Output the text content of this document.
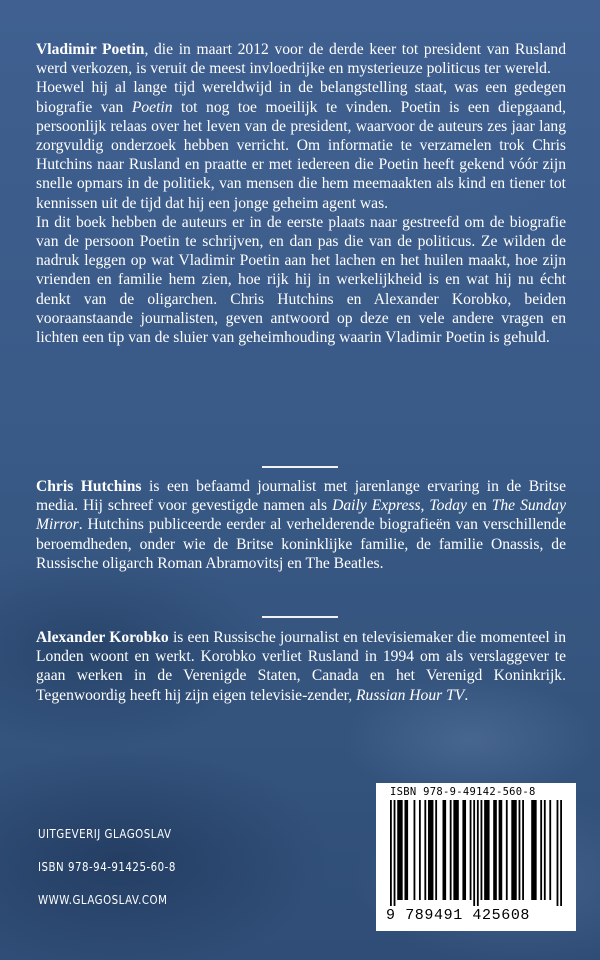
Vladimir Poetin, die in maart 2012 voor de derde keer tot president van Rusland werd verkozen, is veruit de meest invloedrijke en mysterieuze politicus ter wereld.

Hoewel hij al lange tijd wereldwijd in de belangstelling staat, was een gedegen biografie van Poetin tot nog toe moeilijk te vinden. Poetin is een diepgaand, persoonlijk relaas over het leven van de president, waarvoor de auteurs zes jaar lang zorgvuldig onderzoek hebben verricht. Om informatie te verzamelen trok Chris Hutchins naar Rusland en praatte er met iedereen die Poetin heeft gekend vóór zijn snelle opmars in de politiek, van mensen die hem meemaakten als kind en tiener tot kennissen uit de tijd dat hij een jonge geheim agent was.

In dit boek hebben de auteurs er in de eerste plaats naar gestreefd om de biografie van de persoon Poetin te schrijven, en dan pas die van de politicus. Ze wilden de nadruk leggen op wat Vladimir Poetin aan het lachen en het huilen maakt, hoe zijn vrienden en familie hem zien, hoe rijk hij in werkelijkheid is en wat hij nu écht denkt van de oligarchen. Chris Hutchins en Alexander Korobko, beiden vooraanstaande journalisten, geven antwoord op deze en vele andere vragen en lichten een tip van de sluier van geheimhouding waarin Vladimir Poetin is gehuld.

Chris Hutchins is een befaamd journalist met jarenlange ervaring in de Britse media. Hij schreef voor gevestigde namen als Daily Express, Today en The Sunday Mirror. Hutchins publiceerde eerder al verhelderende biografieën van verschillende beroemdheden, onder wie de Britse koninklijke familie, de familie Onassis, de Russische oligarch Roman Abramovitsj en The Beatles.

Alexander Korobko is een Russische journalist en televisiemaker die momenteel in Londen woont en werkt. Korobko verliet Rusland in 1994 om als verslaggever te gaan werken in de Verenigde Staten, Canada en het Verenigd Koninkrijk. Tegenwoordig heeft hij zijn eigen televisie-zender, Russian Hour TV.

UITGEVERIJ GLAGOSLAV
ISBN 978-94-91425-60-8
WWW.GLAGOSLAV.COM
ISBN 978-9-49142-560-8
9 789491 425608
